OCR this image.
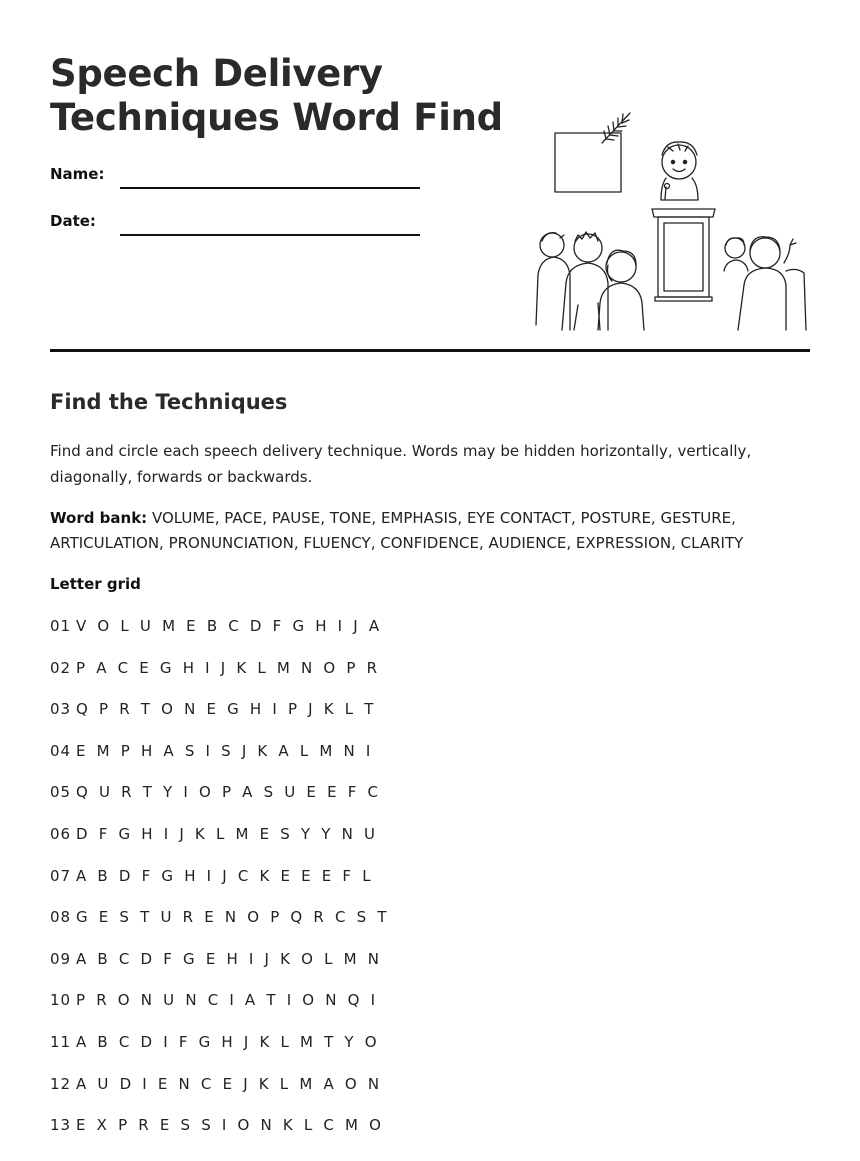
Speech Delivery Techniques Word Find
Name:
Date:
Find the Techniques

Find and circle each speech delivery technique. Words may be hidden horizontally, vertically, diagonally, forwards or backwards.

Word bank: VOLUME, PACE, PAUSE, TONE, EMPHASIS, EYE CONTACT, POSTURE, GESTURE, ARTICULATION, PRONUNCIATION, FLUENCY, CONFIDENCE, AUDIENCE, EXPRESSION, CLARITY

Letter grid

01 V O L U M E B C D F G H I J A
02 P A C E G H I J K L M N O P R
03 Q P R T O N E G H I P J K L T
04 E M P H A S I S J K A L M N I
05 Q U R T Y I O P A S U E E F C
06 D F G H I J K L M E S Y Y N U
07 A B D F G H I J C K E E E F L
08 G E S T U R E N O P Q R C S T
09 A B C D F G E H I J K O L M N
10 P R O N U N C I A T I O N Q I
11 A B C D I F G H J K L M T Y O
12 A U D I E N C E J K L M A O N
13 E X P R E S S I O N K L C M O
